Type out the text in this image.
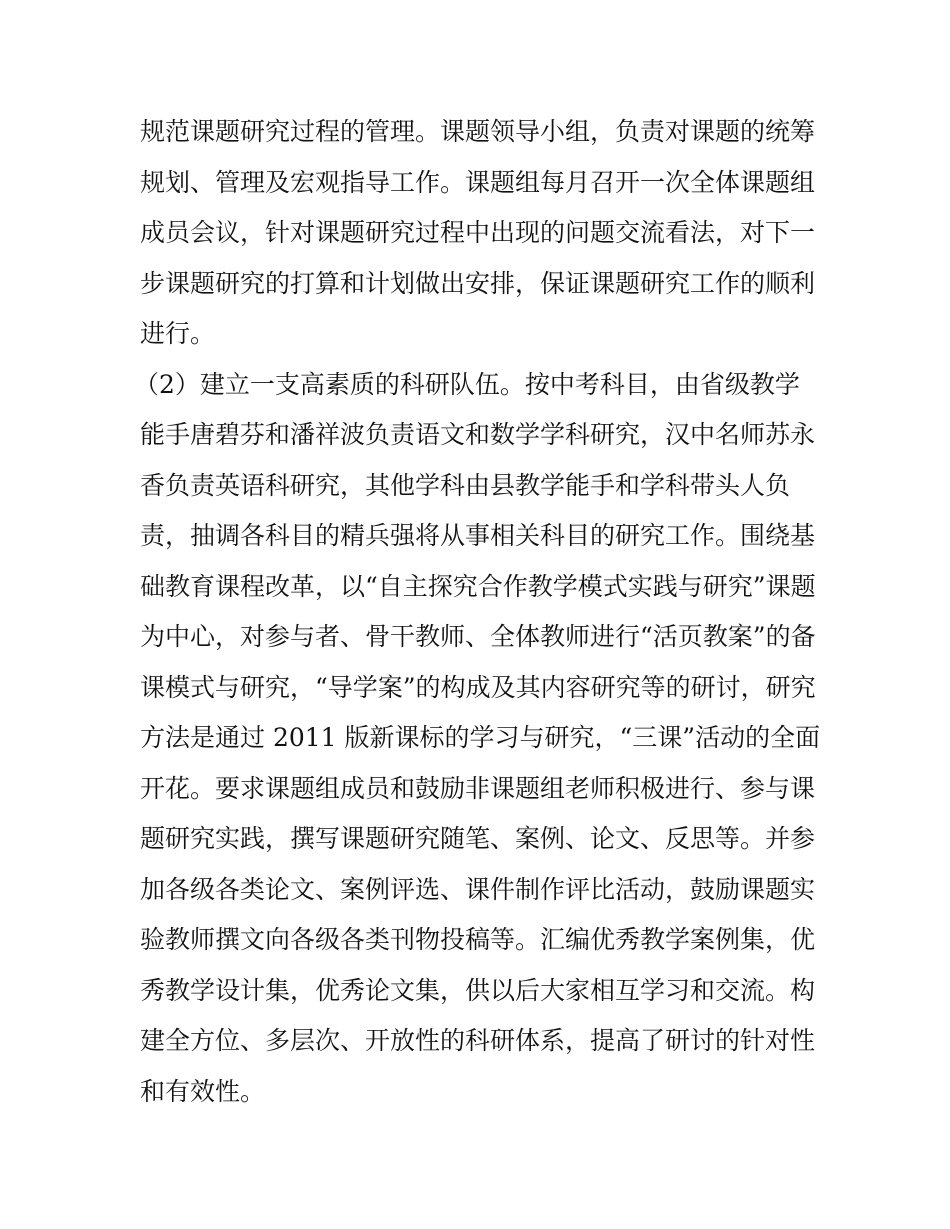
规范课题研究过程的管理。课题领导小组，负责对课题的统筹
规划、管理及宏观指导工作。课题组每月召开一次全体课题组
成员会议，针对课题研究过程中出现的问题交流看法，对下一
步课题研究的打算和计划做出安排，保证课题研究工作的顺利
进行。
（2）建立一支高素质的科研队伍。按中考科目，由省级教学
能手唐碧芬和潘祥波负责语文和数学学科研究，汉中名师苏永
香负责英语科研究，其他学科由县教学能手和学科带头人负
责，抽调各科目的精兵强将从事相关科目的研究工作。围绕基
础教育课程改革，以“自主探究合作教学模式实践与研究”课题
为中心，对参与者、骨干教师、全体教师进行“活页教案”的备
课模式与研究，“导学案”的构成及其内容研究等的研讨，研究
方法是通过 2011 版新课标的学习与研究，“三课”活动的全面
开花。要求课题组成员和鼓励非课题组老师积极进行、参与课
题研究实践，撰写课题研究随笔、案例、论文、反思等。并参
加各级各类论文、案例评选、课件制作评比活动，鼓励课题实
验教师撰文向各级各类刊物投稿等。汇编优秀教学案例集，优
秀教学设计集，优秀论文集，供以后大家相互学习和交流。构
建全方位、多层次、开放性的科研体系，提高了研讨的针对性
和有效性。
